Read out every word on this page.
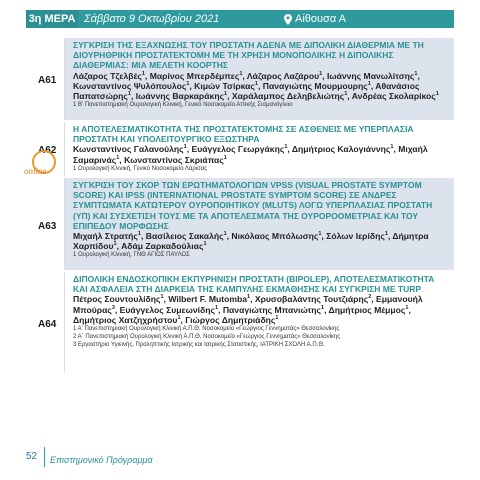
3η ΜΕΡΑ Σάββατο 9 Οκτωβρίου 2021	Αίθουσα Α
A61
ΣΥΓΚΡΙΣΗ ΤΗΣ ΕΞΑΧΝΩΣΗΣ ΤΟΥ ΠΡΟΣΤΑΤΗ ΑΔΕΝΑ ΜΕ ΔΙΠΟΛΙΚΗ ΔΙΑΘΕΡΜΙΑ ΜΕ ΤΗ ΔΙΟΥΡΗΘΡΙΚΗ ΠΡΟΣΤΑΤΕΚΤΟΜΗ ΜΕ ΤΗ ΧΡΗΣΗ ΜΟΝΟΠΟΛΙΚΗΣ Η ΔΙΠΟΛΙΚΗΣ ΔΙΑΘΕΡΜΙΑΣ: ΜΙΑ ΜΕΛΕΤΗ ΚΟΟΡΤΗΣ
Λάζαρος Τζελβές$^1$, Μαρίνος Μπερδέμπες$^1$, Λάζαρος Λαζάρου$^1$, Ιωάννης Μανωλίτσης$^1$, Κωνσταντίνος Ψυλόπουλος$^1$, Κιμών Τσίρκας$^1$, Παναγιώτης Μουρμουρης$^1$, Αθανάσιος Παπατσώρης$^1$, Ιωάννης Βαρκαράκης$^1$, Χαράλαμπος Δεληβελιώτης$^1$, Ανδρέας Σκολαρίκος$^1$
1 Β' Πανεπιστημιακή Ουρολογική Κλινική, Γενικό Νοσοκομείο Αττικής Σισμανόγλειο
A62
Η ΑΠΟΤΕΛΕΣΜΑΤΙΚΟΤΗΤΑ ΤΗΣ ΠΡΟΣΤΑΤΕΚΤΟΜΗΣ ΣΕ ΑΣΘΕΝΕΙΣ ΜΕ ΥΠΕΡΠΛΑΣΙΑ ΠΡΟΣΤΑΤΗ ΚΑΙ ΥΠΟΛΕΙΤΟΥΡΓΙΚΟ ΕΞΩΣΤΗΡΑ
Κωνσταντίνος Γαλανούλης$^1$, Ευάγγελος Γεωργάκης$^1$, Δημήτριος Καλογιάννης$^1$, Μιχαήλ Σαμαρινάς$^1$, Κωνσταντίνος Σκριάπας$^1$
1 Ουρολογική Κλινική, Γενικό Νοσοκομείο Λάρισας
online
A63
ΣΥΓΚΡΙΣΗ ΤΟΥ ΣΚΟΡ ΤΩΝ ΕΡΩΤΗΜΑΤΟΛΟΓΙΩΝ VPSS (VISUAL PROSTATE SYMPTOM SCORE) ΚΑΙ IPSS (INTERNATIONAL PROSTATE SYMPTOM SCORE) ΣΕ ΑΝΔΡΕΣ ΣΥΜΠΤΩΜΑΤΑ ΚΑΤΩΤΕΡΟΥ ΟΥΡΟΠΟΙΗΤΙΚΟΥ (MLUTS) ΛΟΓΩ ΥΠΕΡΠΛΑΣΙΑΣ ΠΡΟΣΤΑΤΗ (ΥΠ) ΚΑΙ ΣΥΣΧΕΤΙΣΗ ΤΟΥΣ ΜΕ ΤΑ ΑΠΟΤΕΛΕΣΜΑΤΑ ΤΗΣ ΟΥΡΟΡΟΟΜΕΤΡΙΑΣ ΚΑΙ ΤΟΥ ΕΠΙΠΕΔΟΥ ΜΟΡΦΩΣΗΣ
Μιχαήλ Στρατής$^1$, Βασίλειος Σακαλής$^1$, Νικόλαος Μπόλωσης$^1$, Σόλων Ιερίδης$^1$, Δήμητρα Χαρπίδου$^1$, Αδάμ Ζαρκαδούλιας$^1$
1 Ουρολογική Κλινική, ΓΝΘ ΑΓΙΟΣ ΠΑΥΛΟΣ
A64
ΔΙΠΟΛΙΚΗ ΕΝΔΟΣΚΟΠΙΚΗ ΕΚΠΥΡΗΝΙΣΗ ΠΡΟΣΤΑΤΗ (BIPOLEP), ΑΠΟΤΕΛΕΣΜΑΤΙΚΟΤΗΤΑ ΚΑΙ ΑΣΦΑΛΕΙΑ ΣΤΗ ΔΙΑΡΚΕΙΑ ΤΗΣ ΚΑΜΠΥΛΗΣ ΕΚΜΑΘΗΣΗΣ ΚΑΙ ΣΥΓΚΡΙΣΗ ΜΕ TURP
Πέτρος Σουντουλίδης$^1$, Wilbert F. Mutomba$^1$, Χρυσοβαλάντης Τουτζιάρης$^2$, Εμμανουήλ Μπούρας$^3$, Ευάγγελος Συμεωνίδης$^1$, Παναγιώτης Μπανιώτης$^1$, Δημήτριος Μέμμος$^1$, Δημήτριος Χατζηχρήστου$^1$, Γιώργος Δημητριάδης$^1$
1 Α' Πανεπιστημιακή Ουρολογική Κλινική Α.Π.Θ, Νοσοκομείο «Γεώργιος Γεννηματάς» Θεσσαλονίκης
2 Α΄ Πανεπιστημιακή Ουρολογική Κλινική Α.Π.Θ, Νοσοκομείο «Γεώργιος Γεννηματάς» Θεσσαλονίκης
3 Εργαστήριο Υγιεινής, Προληπτικής Ιατρικής και Ιατρικής Στατιστικής, ΙΑΤΡΙΚΗ ΣΧΟΛΗ Α.Π.Θ.
52 Επιστημονικό Πρόγραμμα
